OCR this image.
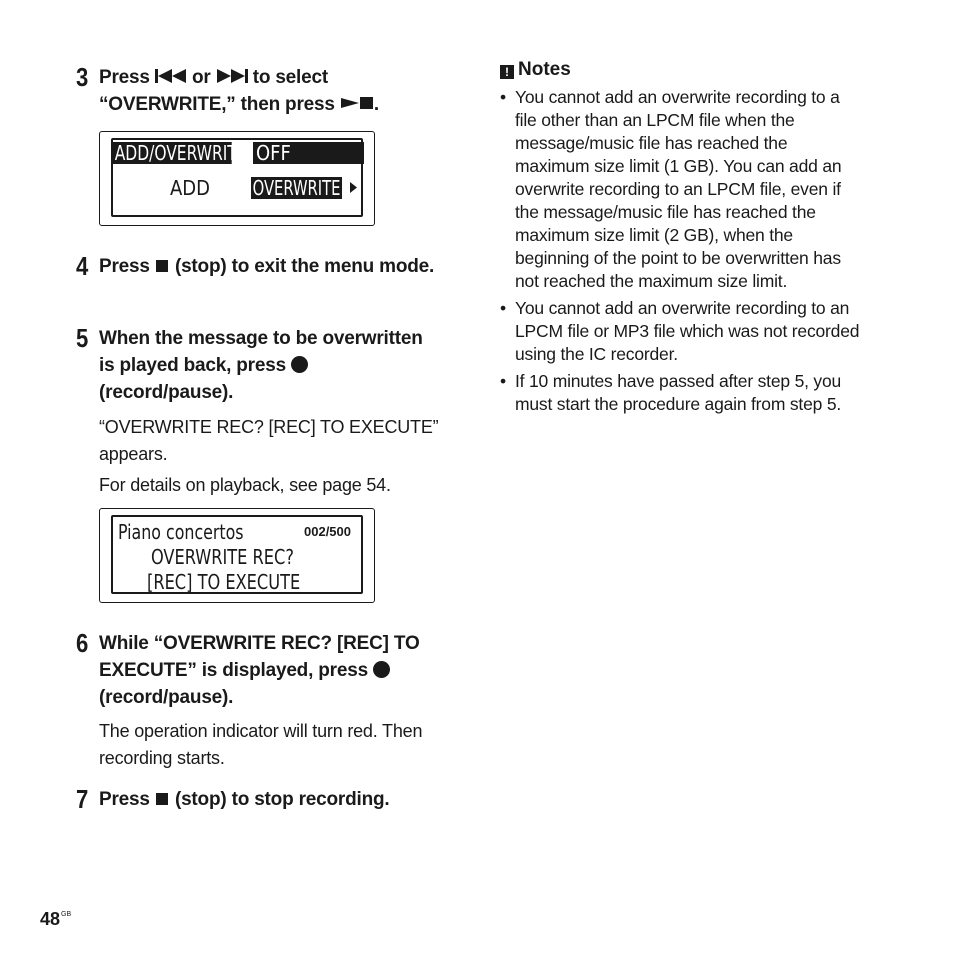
3 Press  or  to select
“OVERWRITE,” then press .
ADD/OVERWRITE OFF
ADD OVERWRITE
4 Press  (stop) to exit the menu mode.
5 When the message to be overwritten is played back, press  (record/pause).
“OVERWRITE REC? [REC] TO EXECUTE” appears.
For details on playback, see page 54.
Piano concertos	002/500
OVERWRITE REC?
[REC] TO EXECUTE
6 While “OVERWRITE REC? [REC] TO EXECUTE” is displayed, press  (record/pause).
The operation indicator will turn red. Then recording starts.
7 Press  (stop) to stop recording.
! Notes
• You cannot add an overwrite recording to a file other than an LPCM file when the message/music file has reached the maximum size limit (1 GB). You can add an overwrite recording to an LPCM file, even if the message/music file has reached the maximum size limit (2 GB), when the beginning of the point to be overwritten has not reached the maximum size limit.
• You cannot add an overwrite recording to an LPCM file or MP3 file which was not recorded using the IC recorder.
• If 10 minutes have passed after step 5, you must start the procedure again from step 5.
$48^{GB}$
